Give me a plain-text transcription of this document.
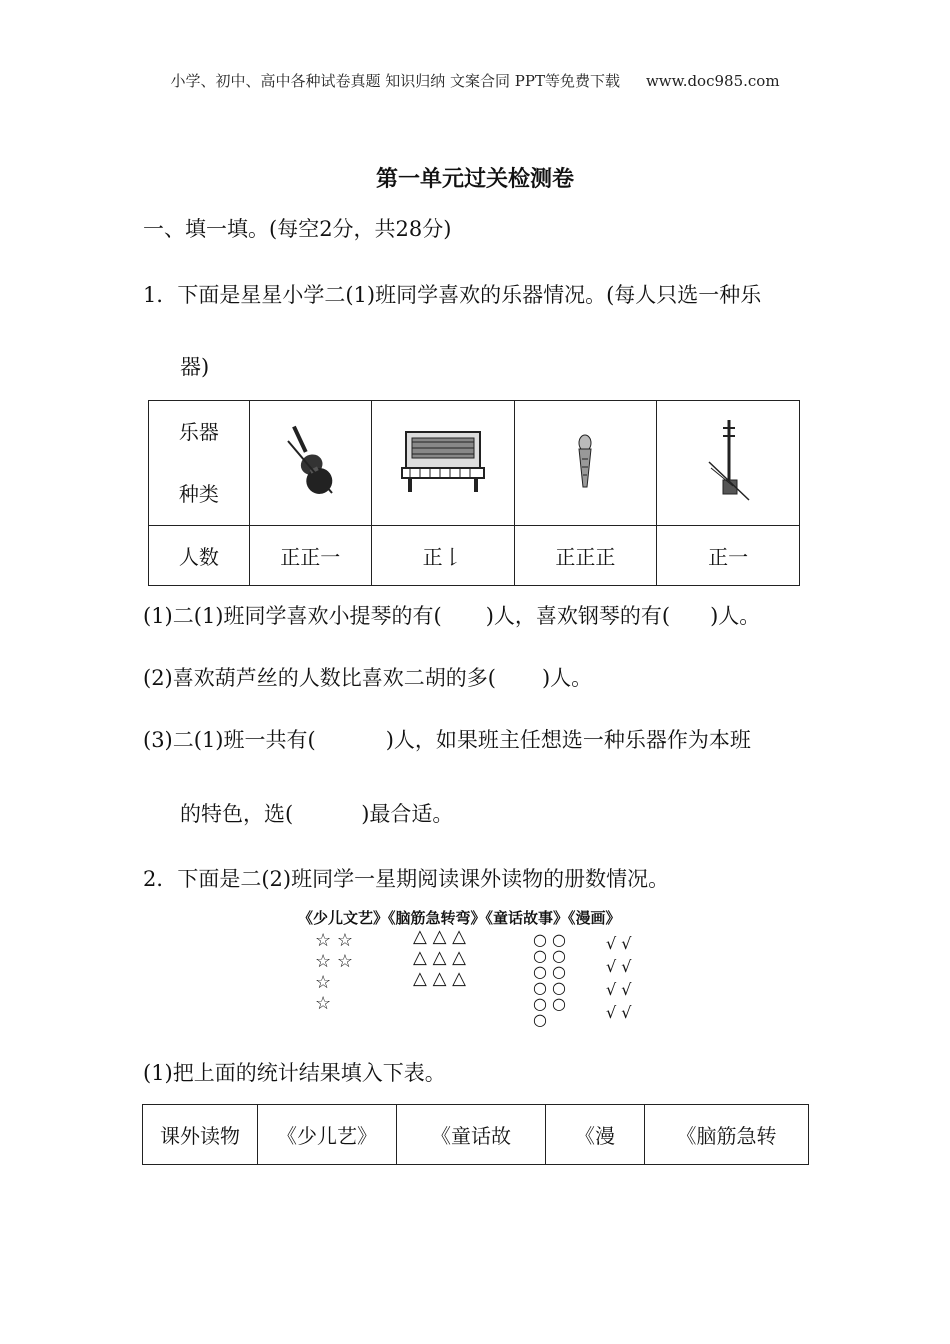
小学、初中、高中各种试卷真题 知识归纳 文案合同 PPT等免费下载 www.doc985.com
第一单元过关检测卷
一、填一填。(每空2分，共28分)
1．下面是星星小学二(1)班同学喜欢的乐器情况。(每人只选一种乐
器)
乐器
种类

人数	正正一	正𠄌	正正正	正一
(1)二(1)班同学喜欢小提琴的有( )人，喜欢钢琴的有( )人。
(2)喜欢葫芦丝的人数比喜欢二胡的多( )人。
(3)二(1)班一共有(	)人，如果班主任想选一种乐器作为本班
的特色，选(	)最合适。
2．下面是二(2)班同学一星期阅读课外读物的册数情况。
《少儿文艺》《脑筋急转弯》《童话故事》《漫画》
☆ ☆
☆ ☆
☆
☆
△ △ △
△ △ △
△ △ △
○ ○
○ ○
○ ○
○ ○
○ ○
○
√ √
√ √
√ √
√ √
(1)把上面的统计结果填入下表。
课外读物	《少儿艺》	《童话故	《漫	《脑筋急转
